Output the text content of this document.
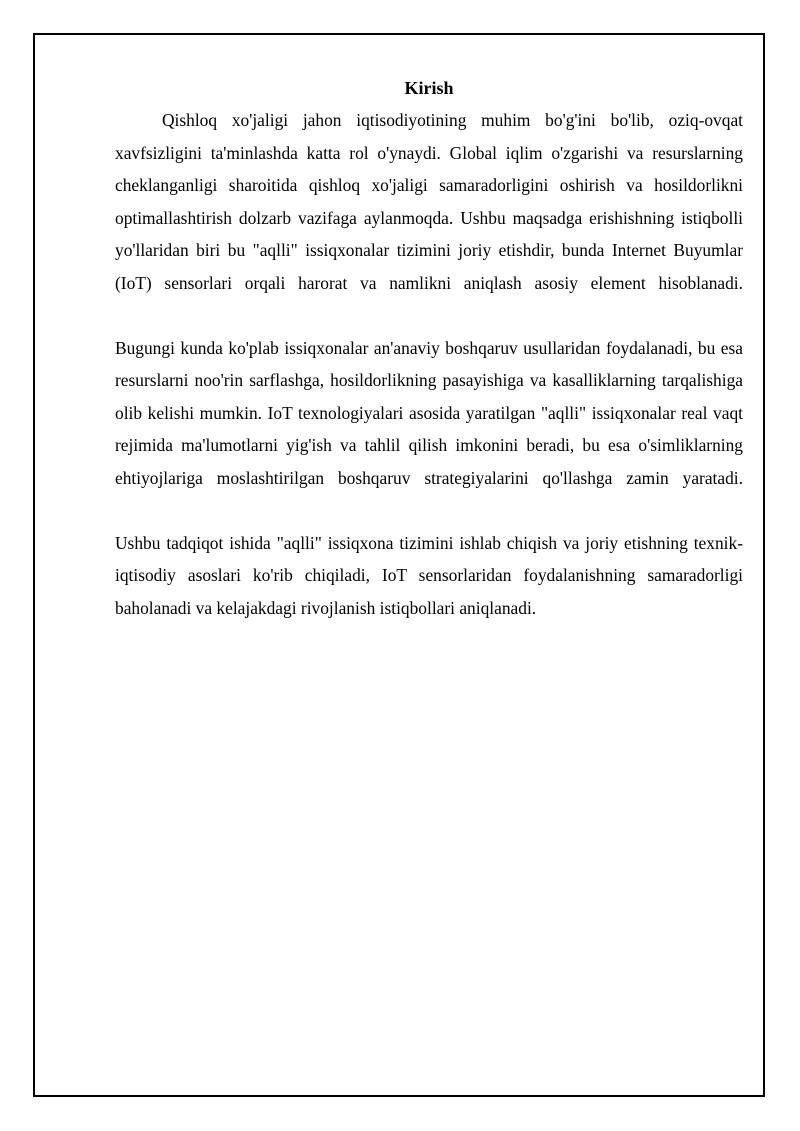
Kirish

Qishloq xo'jaligi jahon iqtisodiyotining muhim bo'g'ini bo'lib, oziq-ovqat xavfsizligini ta'minlashda katta rol o'ynaydi. Global iqlim o'zgarishi va resurslarning cheklanganligi sharoitida qishloq xo'jaligi samaradorligini oshirish va hosildorlikni optimallashtirish dolzarb vazifaga aylanmoqda. Ushbu maqsadga erishishning istiqbolli yo'llaridan biri bu "aqlli" issiqxonalar tizimini joriy etishdir, bunda Internet Buyumlar (IoT) sensorlari orqali harorat va namlikni aniqlash asosiy element hisoblanadi.

Bugungi kunda ko'plab issiqxonalar an'anaviy boshqaruv usullaridan foydalanadi, bu esa resurslarni noo'rin sarflashga, hosildorlikning pasayishiga va kasalliklarning tarqalishiga olib kelishi mumkin. IoT texnologiyalari asosida yaratilgan "aqlli" issiqxonalar real vaqt rejimida ma'lumotlarni yig'ish va tahlil qilish imkonini beradi, bu esa o'simliklarning ehtiyojlariga moslashtirilgan boshqaruv strategiyalarini qo'llashga zamin yaratadi.

Ushbu tadqiqot ishida "aqlli" issiqxona tizimini ishlab chiqish va joriy etishning texnik-iqtisodiy asoslari ko'rib chiqiladi, IoT sensorlaridan foydalanishning samaradorligi baholanadi va kelajakdagi rivojlanish istiqbollari aniqlanadi.
